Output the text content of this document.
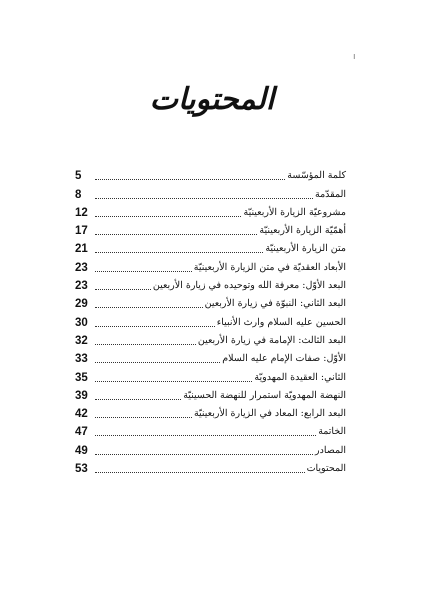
ı
المحتويات
5	كلمة المؤسّسة
8	المقدّمة
12	مشروعيّة الزيارة الأربعينيّة
17	أهمّيّة الزيارة الأربعينيّة
21	متن الزيارة الأربعينيّة
23	الأبعاد العقديّة في متن الزيارة الأربعينيّة
23	البعد الأوّل: معرفة الله وتوحيده في زيارة الأربعين
29	البعد الثاني: النبوّة في زيارة الأربعين
30	الحسين عليه السلام وارث الأنبياء
32	البعد الثالث: الإمامة في زيارة الأربعين
33	الأوّل: صفات الإمام عليه السلام
35	الثاني: العقيدة المهدويّة
39	النهضة المهدويّة استمرار للنهضة الحسينيّة
42	البعد الرابع: المعاد في الزيارة الأربعينيّة
47	الخاتمة
49	المصادر
53	المحتويات
